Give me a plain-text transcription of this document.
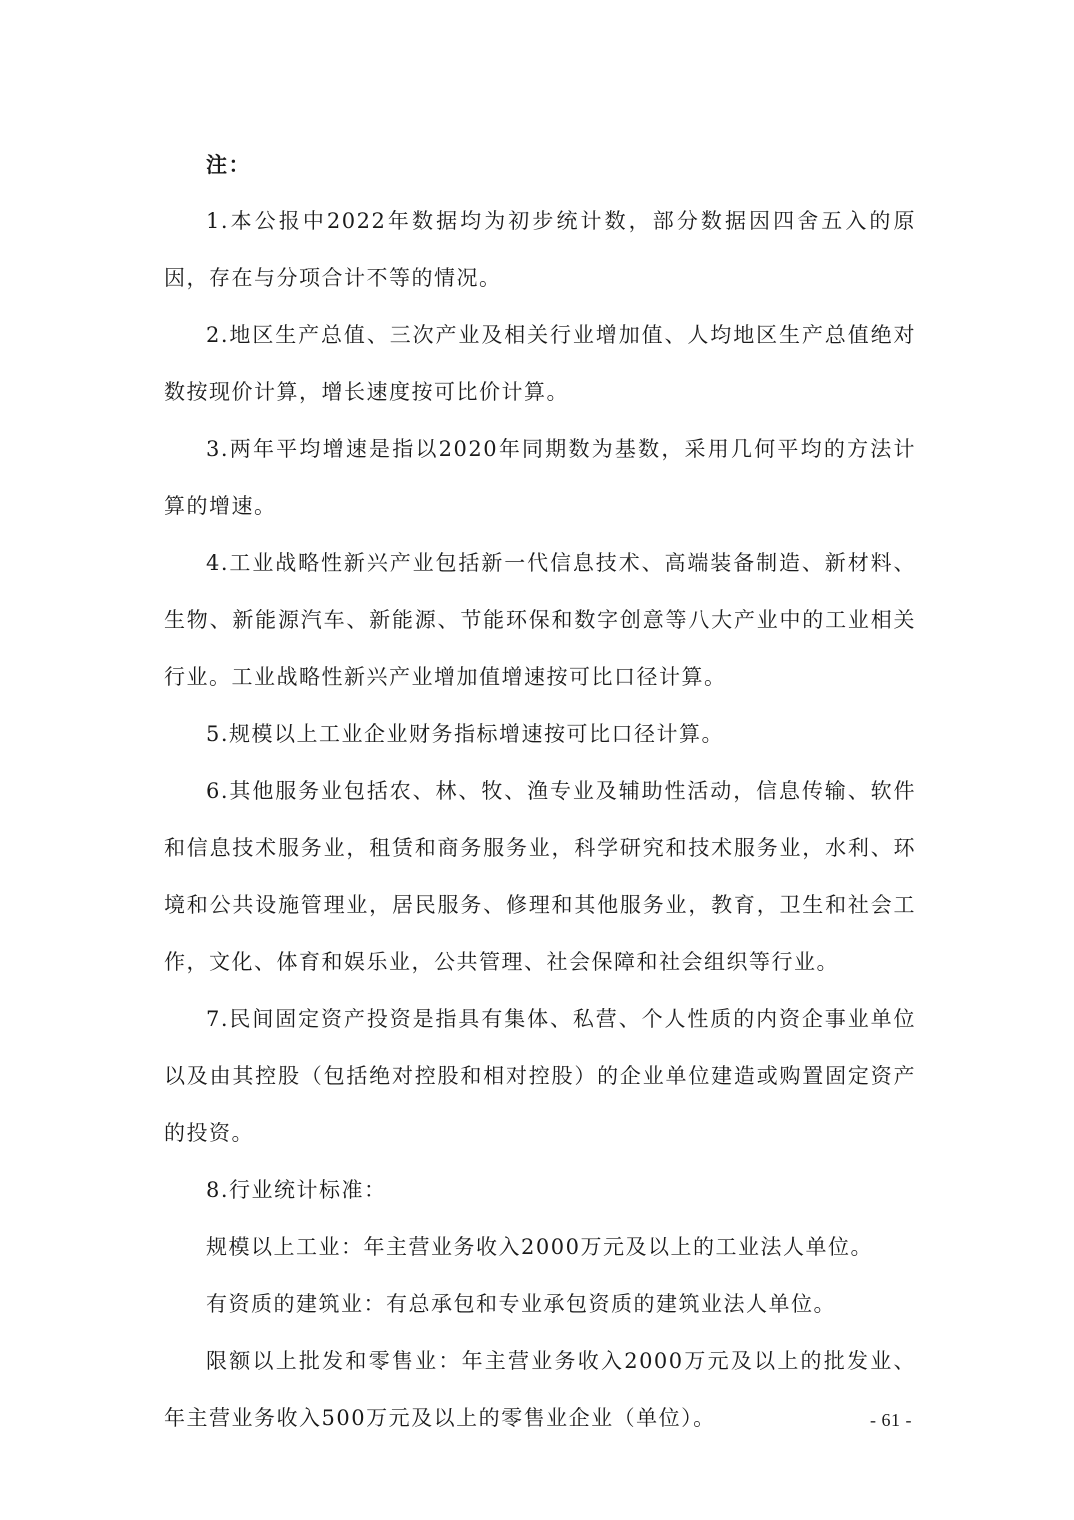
注：

1.本公报中2022年数据均为初步统计数，部分数据因四舍五入的原因，存在与分项合计不等的情况。

2.地区生产总值、三次产业及相关行业增加值、人均地区生产总值绝对数按现价计算，增长速度按可比价计算。

3.两年平均增速是指以2020年同期数为基数，采用几何平均的方法计算的增速。

4.工业战略性新兴产业包括新一代信息技术、高端装备制造、新材料、生物、新能源汽车、新能源、节能环保和数字创意等八大产业中的工业相关行业。工业战略性新兴产业增加值增速按可比口径计算。

5.规模以上工业企业财务指标增速按可比口径计算。

6.其他服务业包括农、林、牧、渔专业及辅助性活动，信息传输、软件和信息技术服务业，租赁和商务服务业，科学研究和技术服务业，水利、环境和公共设施管理业，居民服务、修理和其他服务业，教育，卫生和社会工作，文化、体育和娱乐业，公共管理、社会保障和社会组织等行业。

7.民间固定资产投资是指具有集体、私营、个人性质的内资企事业单位以及由其控股（包括绝对控股和相对控股）的企业单位建造或购置固定资产的投资。

8.行业统计标准：

规模以上工业：年主营业务收入2000万元及以上的工业法人单位。

有资质的建筑业：有总承包和专业承包资质的建筑业法人单位。

限额以上批发和零售业：年主营业务收入2000万元及以上的批发业、年主营业务收入500万元及以上的零售业企业（单位）。	- 61 -
